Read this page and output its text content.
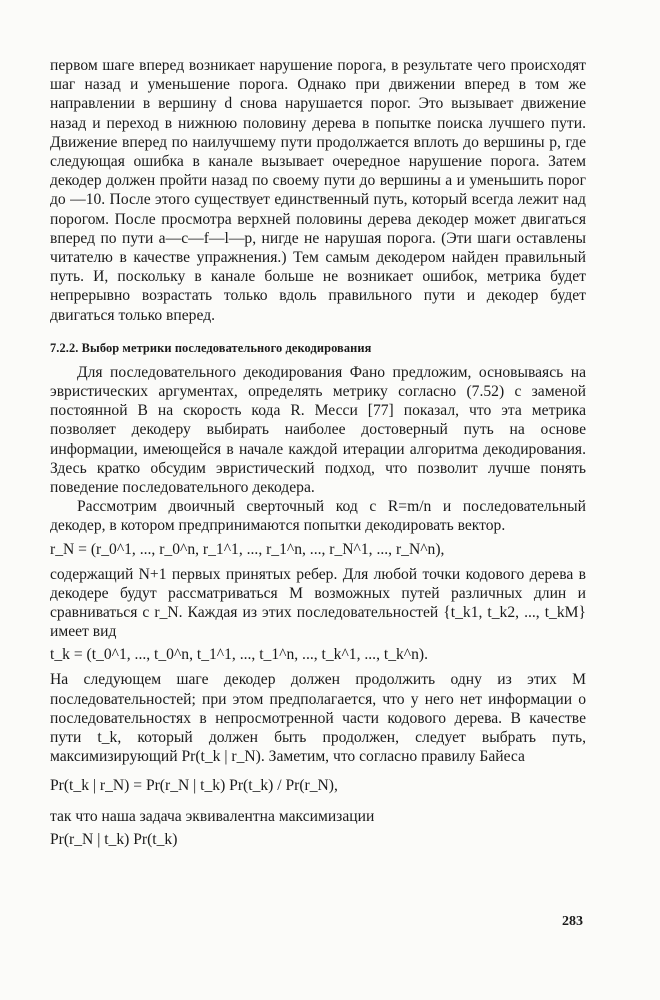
первом шаге вперед возникает нарушение порога, в результате чего происходят шаг назад и уменьшение порога. Однако при движении вперед в том же направлении в вершину d снова нарушается порог. Это вызывает движение назад и переход в нижнюю половину дерева в попытке поиска лучшего пути. Движение вперед по наилучшему пути продолжается вплоть до вершины p, где следующая ошибка в канале вызывает очередное нарушение порога. Затем декодер должен пройти назад по своему пути до вершины a и уменьшить порог до —10. После этого существует единственный путь, который всегда лежит над порогом. После просмотра верхней половины дерева декодер может двигаться вперед по пути a—c—f—l—p, нигде не нарушая порога. (Эти шаги оставлены читателю в качестве упражнения.) Тем самым декодером найден правильный путь. И, поскольку в канале больше не возникает ошибок, метрика будет непрерывно возрастать только вдоль правильного пути и декодер будет двигаться только вперед.

7.2.2. Выбор метрики последовательного декодирования

Для последовательного декодирования Фано предложим, основываясь на эвристических аргументах, определять метрику согласно (7.52) с заменой постоянной B на скорость кода R. Месси [77] показал, что эта метрика позволяет декодеру выбирать наиболее достоверный путь на основе информации, имеющейся в начале каждой итерации алгоритма декодирования. Здесь кратко обсудим эвристический подход, что позволит лучше понять поведение последовательного декодера.

Рассмотрим двоичный сверточный код с R=m/n и последовательный декодер, в котором предпринимаются попытки декодировать вектор.

r_N = (r_0^1, ..., r_0^n, r_1^1, ..., r_1^n, ..., r_N^1, ..., r_N^n),

содержащий N+1 первых принятых ребер. Для любой точки кодового дерева в декодере будут рассматриваться M возможных путей различных длин и сравниваться с r_N. Каждая из этих последовательностей {t_k1, t_k2, ..., t_kM} имеет вид

t_k = (t_0^1, ..., t_0^n, t_1^1, ..., t_1^n, ..., t_k^1, ..., t_k^n).

На следующем шаге декодер должен продолжить одну из этих M последовательностей; при этом предполагается, что у него нет информации о последовательностях в непросмотренной части кодового дерева. В качестве пути t_k, который должен быть продолжен, следует выбрать путь, максимизирующий Pr(t_k | r_N). Заметим, что согласно правилу Байеса

Pr(t_k | r_N) = Pr(r_N | t_k) Pr(t_k) / Pr(r_N),

так что наша задача эквивалентна максимизации

Pr(r_N | t_k) Pr(t_k)
283
